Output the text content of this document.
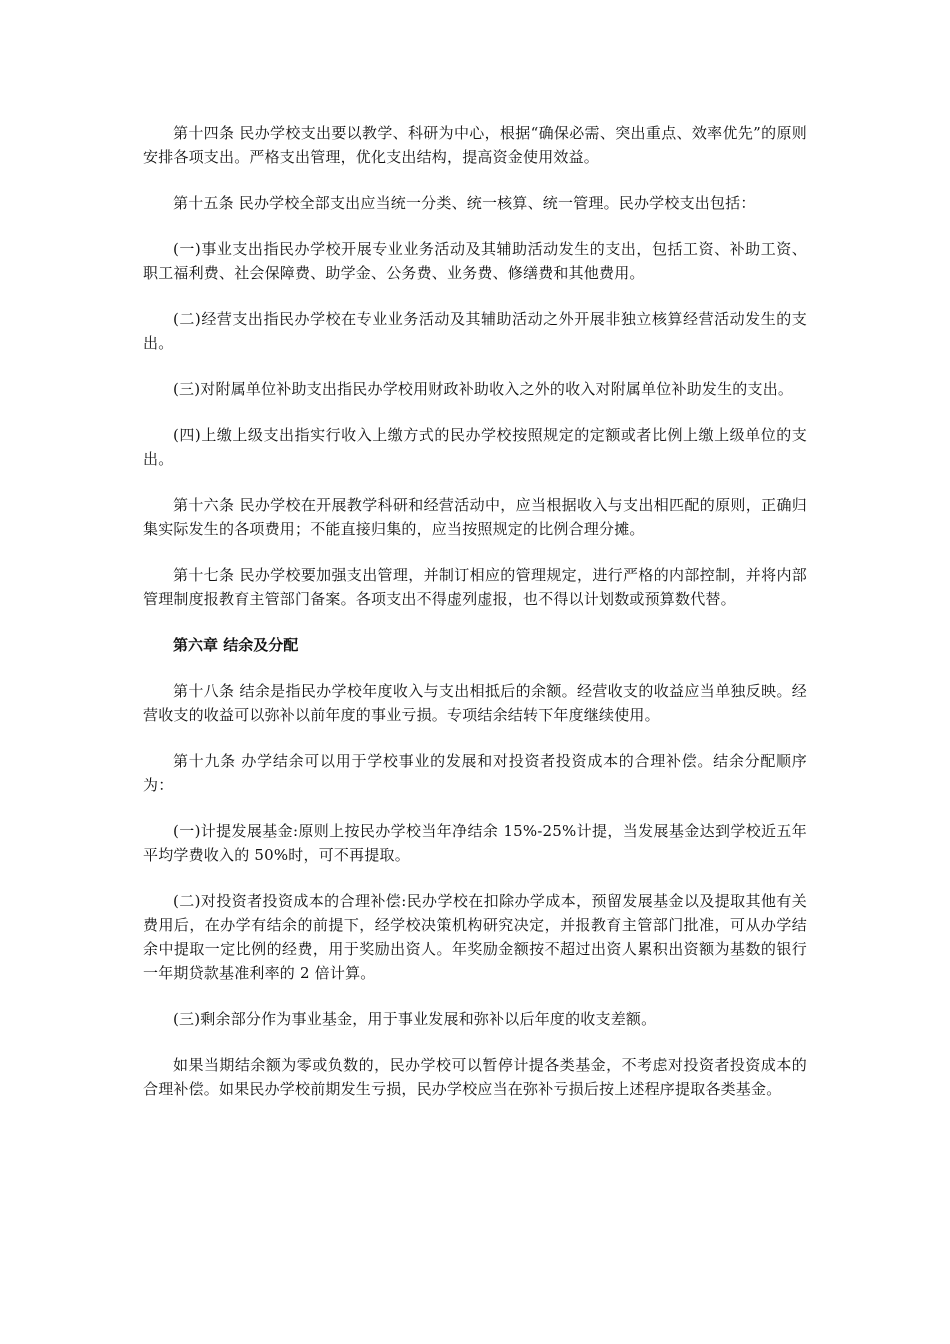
第十四条 民办学校支出要以教学、科研为中心，根据“确保必需、突出重点、效率优先”的原则安排各项支出。严格支出管理，优化支出结构，提高资金使用效益。

第十五条 民办学校全部支出应当统一分类、统一核算、统一管理。民办学校支出包括：

(一)事业支出指民办学校开展专业业务活动及其辅助活动发生的支出，包括工资、补助工资、职工福利费、社会保障费、助学金、公务费、业务费、修缮费和其他费用。

(二)经营支出指民办学校在专业业务活动及其辅助活动之外开展非独立核算经营活动发生的支出。

(三)对附属单位补助支出指民办学校用财政补助收入之外的收入对附属单位补助发生的支出。

(四)上缴上级支出指实行收入上缴方式的民办学校按照规定的定额或者比例上缴上级单位的支出。

第十六条 民办学校在开展教学科研和经营活动中，应当根据收入与支出相匹配的原则，正确归集实际发生的各项费用；不能直接归集的，应当按照规定的比例合理分摊。

第十七条 民办学校要加强支出管理，并制订相应的管理规定，进行严格的内部控制，并将内部管理制度报教育主管部门备案。各项支出不得虚列虚报，也不得以计划数或预算数代替。

第六章 结余及分配

第十八条 结余是指民办学校年度收入与支出相抵后的余额。经营收支的收益应当单独反映。经营收支的收益可以弥补以前年度的事业亏损。专项结余结转下年度继续使用。

第十九条 办学结余可以用于学校事业的发展和对投资者投资成本的合理补偿。结余分配顺序为：

(一)计提发展基金:原则上按民办学校当年净结余 15%-25%计提，当发展基金达到学校近五年平均学费收入的 50%时，可不再提取。

(二)对投资者投资成本的合理补偿:民办学校在扣除办学成本，预留发展基金以及提取其他有关费用后，在办学有结余的前提下，经学校决策机构研究决定，并报教育主管部门批准，可从办学结余中提取一定比例的经费，用于奖励出资人。年奖励金额按不超过出资人累积出资额为基数的银行一年期贷款基准利率的 2 倍计算。

(三)剩余部分作为事业基金，用于事业发展和弥补以后年度的收支差额。

如果当期结余额为零或负数的，民办学校可以暂停计提各类基金，不考虑对投资者投资成本的合理补偿。如果民办学校前期发生亏损，民办学校应当在弥补亏损后按上述程序提取各类基金。
